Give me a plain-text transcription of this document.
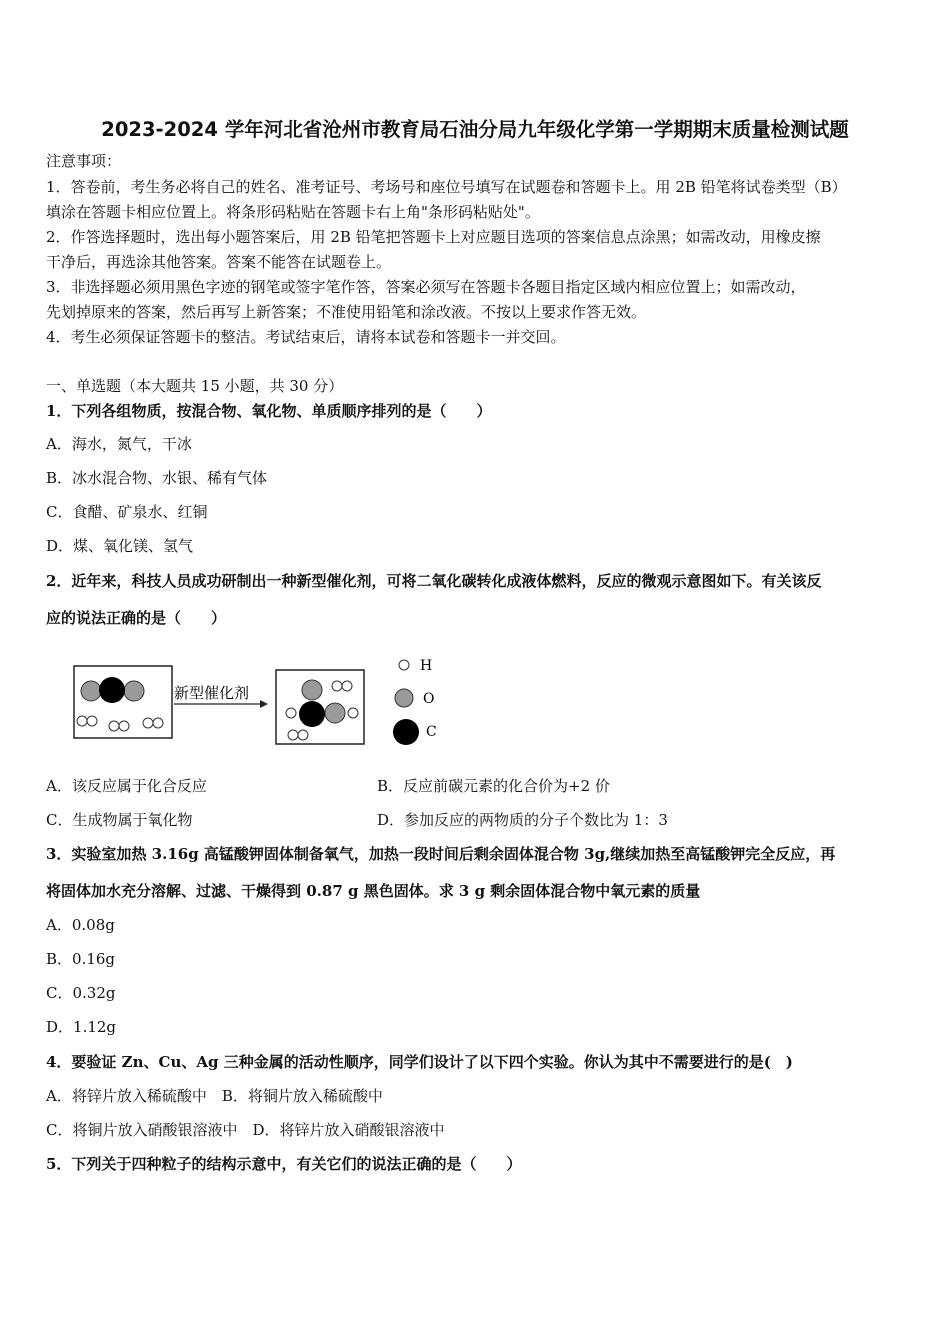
2023-2024 学年河北省沧州市教育局石油分局九年级化学第一学期期末质量检测试题
注意事项：
1．答卷前，考生务必将自己的姓名、准考证号、考场号和座位号填写在试题卷和答题卡上。用 2B 铅笔将试卷类型（B）
填涂在答题卡相应位置上。将条形码粘贴在答题卡右上角"条形码粘贴处"。
2．作答选择题时，选出每小题答案后，用 2B 铅笔把答题卡上对应题目选项的答案信息点涂黑；如需改动，用橡皮擦
干净后，再选涂其他答案。答案不能答在试题卷上。
3．非选择题必须用黑色字迹的钢笔或签字笔作答，答案必须写在答题卡各题目指定区域内相应位置上；如需改动，
先划掉原来的答案，然后再写上新答案；不准使用铅笔和涂改液。不按以上要求作答无效。
4．考生必须保证答题卡的整洁。考试结束后，请将本试卷和答题卡一并交回。
一、单选题（本大题共 15 小题，共 30 分）
1．下列各组物质，按混合物、氧化物、单质顺序排列的是（　　）
A．海水，氮气，干冰
B．冰水混合物、水银、稀有气体
C．食醋、矿泉水、红铜
D．煤、氧化镁、氢气
2．近年来，科技人员成功研制出一种新型催化剂，可将二氧化碳转化成液体燃料，反应的微观示意图如下。有关该反
应的说法正确的是（　　）
新型催化剂
H
O
C
A．该反应属于化合反应	B．反应前碳元素的化合价为+2 价
C．生成物属于氧化物	D．参加反应的两物质的分子个数比为 1：3
3．实验室加热 3.16g 高锰酸钾固体制备氧气，加热一段时间后剩余固体混合物 3g,继续加热至高锰酸钾完全反应，再
将固体加水充分溶解、过滤、干燥得到 0.87 g 黑色固体。求 3 g 剩余固体混合物中氧元素的质量
A．0.08g
B．0.16g
C．0.32g
D．1.12g
4．要验证 Zn、Cu、Ag 三种金属的活动性顺序，同学们设计了以下四个实验。你认为其中不需要进行的是(　)
A．将锌片放入稀硫酸中　B．将铜片放入稀硫酸中
C．将铜片放入硝酸银溶液中　D．将锌片放入硝酸银溶液中
5．下列关于四种粒子的结构示意中，有关它们的说法正确的是（　　）
